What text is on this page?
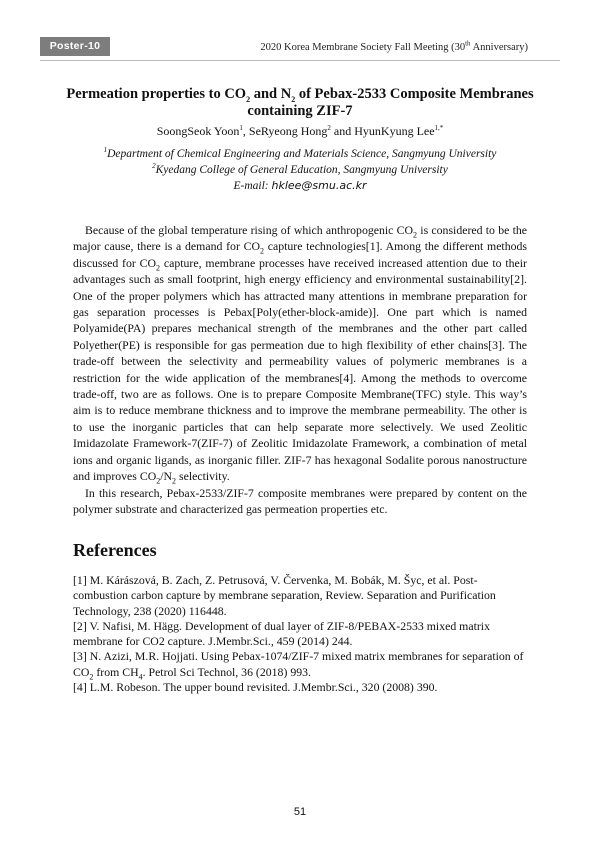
Poster-10	2020 Korea Membrane Society Fall Meeting (30th Anniversary)
Permeation properties to $CO_2$ and $N_2$ of Pebax-2533 Composite Membranes containing ZIF-7
SoongSeok Yoon$^1$, SeRyeong Hong$^2$ and HyunKyung Lee$^{1,*}$
$^1$Department of Chemical Engineering and Materials Science, Sangmyung University
$^2$Kyedang College of General Education, Sangmyung University
E-mail: hklee@smu.ac.kr

Because of the global temperature rising of which anthropogenic $CO_2$ is considered to be the major cause, there is a demand for $CO_2$ capture technologies[1]. Among the different methods discussed for $CO_2$ capture, membrane processes have received increased attention due to their advantages such as small footprint, high energy efficiency and environmental sustainability[2]. One of the proper polymers which has attracted many attentions in membrane preparation for gas separation processes is Pebax[Poly(ether-block-amide)]. One part which is named Polyamide(PA) prepares mechanical strength of the membranes and the other part called Polyether(PE) is responsible for gas permeation due to high flexibility of ether chains[3]. The trade-off between the selectivity and permeability values of polymeric membranes is a restriction for the wide application of the membranes[4]. Among the methods to overcome trade-off, two are as follows. One is to prepare Composite Membrane(TFC) style. This way’s aim is to reduce membrane thickness and to improve the membrane permeability. The other is to use the inorganic particles that can help separate more selectively. We used Zeolitic Imidazolate Framework-7(ZIF-7) of Zeolitic Imidazolate Framework, a combination of metal ions and organic ligands, as inorganic filler. ZIF-7 has hexagonal Sodalite porous nanostructure and improves $CO_2/N_2$ selectivity.

In this research, Pebax-2533/ZIF-7 composite membranes were prepared by content on the polymer substrate and characterized gas permeation properties etc.

References
[1] M. Kárászová, B. Zach, Z. Petrusová, V. Červenka, M. Bobák, M. Šyc, et al. Post-combustion carbon capture by membrane separation, Review. Separation and Purification Technology, 238 (2020) 116448.
[2] V. Nafisi, M. Hägg. Development of dual layer of ZIF-8/PEBAX-2533 mixed matrix membrane for CO2 capture. J.Membr.Sci., 459 (2014) 244.
[3] N. Azizi, M.R. Hojjati. Using Pebax-1074/ZIF-7 mixed matrix membranes for separation of $CO_2$ from $CH_4$. Petrol Sci Technol, 36 (2018) 993.
[4] L.M. Robeson. The upper bound revisited. J.Membr.Sci., 320 (2008) 390.
51
